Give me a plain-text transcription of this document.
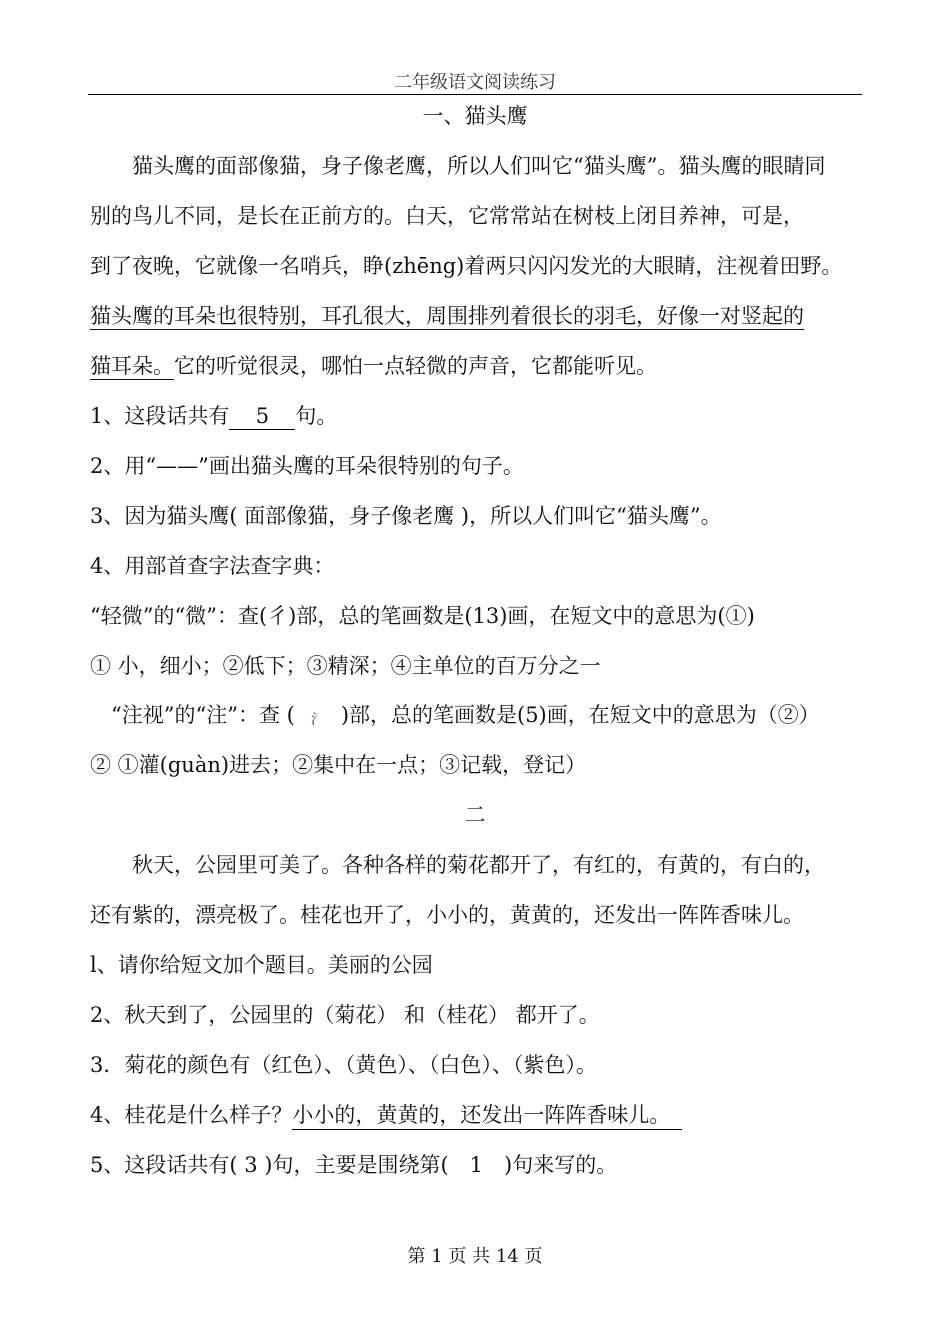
二年级语文阅读练习
一、猫头鹰
　　猫头鹰的面部像猫，身子像老鹰，所以人们叫它“猫头鹰”。猫头鹰的眼睛同
别的鸟儿不同，是长在正前方的。白天，它常常站在树枝上闭目养神，可是，
到了夜晚，它就像一名哨兵，睁(zhēng)着两只闪闪发光的大眼睛，注视着田野。
猫头鹰的耳朵也很特别，耳孔很大，周围排列着很长的羽毛，好像一对竖起的
猫耳朵。它的听觉很灵，哪怕一点轻微的声音，它都能听见。
1、这段话共有 5 句。
2、用“——”画出猫头鹰的耳朵很特别的句子。
3、因为猫头鹰( 面部像猫，身子像老鹰 )，所以人们叫它“猫头鹰”。
4、用部首查字法查字典：
“轻微”的“微”：查(彳)部，总的笔画数是(13)画，在短文中的意思为(①)
① 小，细小；②低下；③精深；④主单位的百万分之一
　“注视”的“注”：查 ( 氵 )部，总的笔画数是(5)画，在短文中的意思为（②）
② ①灌(guàn)进去；②集中在一点；③记载，登记）
二
　　秋天，公园里可美了。各种各样的菊花都开了，有红的，有黄的，有白的，
还有紫的，漂亮极了。桂花也开了，小小的，黄黄的，还发出一阵阵香味儿。
l、请你给短文加个题目。美丽的公园
2、秋天到了，公园里的（菊花） 和（桂花） 都开了。
3．菊花的颜色有（红色）、（黄色）、（白色）、（紫色）。
4、桂花是什么样子？小小的，黄黄的，还发出一阵阵香味儿。
5、这段话共有( 3 )句，主要是围绕第(　1　)句来写的。
第 1 页 共 14 页
